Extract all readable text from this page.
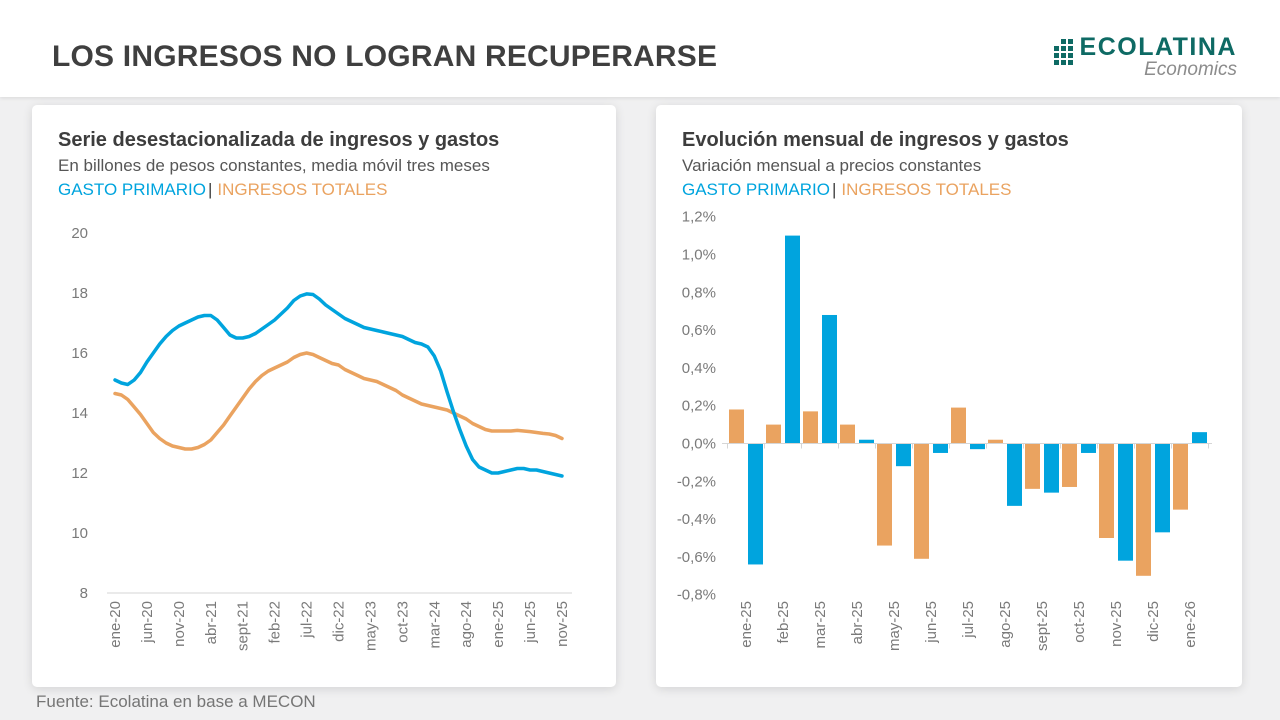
LOS INGRESOS NO LOGRAN RECUPERARSE	ECOLATINA
Economics
Serie desestacionalizada de ingresos y gastos

En billones de pesos constantes, media móvil tres meses

GASTO PRIMARIO | INGRESOS TOTALES
20
18
16
14
12
10
8
ene-20 jun-20 nov-20 abr-21 sept-21 feb-22 jul-22 dic-22 may-23 oct-23 mar-24 ago-24 ene-25 jun-25 nov-25
Evolución mensual de ingresos y gastos

Variación mensual a precios constantes

GASTO PRIMARIO | INGRESOS TOTALES
1,2%
1,0%
0,8%
0,6%
0,4%
0,2%
0,0%
-0,2%
-0,4%
-0,6%
-0,8%
ene-25 feb-25 mar-25 abr-25 may-25 jun-25 jul-25 ago-25 sept-25 oct-25 nov-25 dic-25 ene-26
Fuente: Ecolatina en base a MECON
